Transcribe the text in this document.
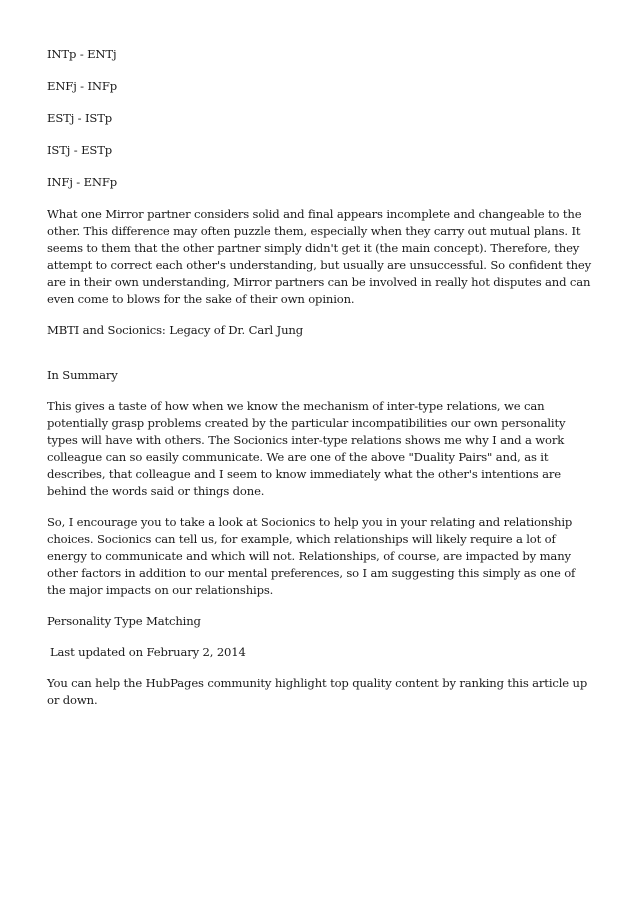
INTp - ENTj
ENFj - INFp
ESTj - ISTp
ISTj - ESTp
INFj - ENFp

What one Mirror partner considers solid and final appears incomplete and changeable to the other. This difference may often puzzle them, especially when they carry out mutual plans. It seems to them that the other partner simply didn't get it (the main concept). Therefore, they attempt to correct each other's understanding, but usually are unsuccessful. So confident they are in their own understanding, Mirror partners can be involved in really hot disputes and can even come to blows for the sake of their own opinion.

MBTI and Socionics: Legacy of Dr. Carl Jung

In Summary

This gives a taste of how when we know the mechanism of inter-type relations, we can potentially grasp problems created by the particular incompatibilities our own personality types will have with others. The Socionics inter-type relations shows me why I and a work colleague can so easily communicate. We are one of the above "Duality Pairs" and, as it describes, that colleague and I seem to know immediately what the other's intentions are behind the words said or things done.

So, I encourage you to take a look at Socionics to help you in your relating and relationship choices. Socionics can tell us, for example, which relationships will likely require a lot of energy to communicate and which will not. Relationships, of course, are impacted by many other factors in addition to our mental preferences, so I am suggesting this simply as one of the major impacts on our relationships.

Personality Type Matching

Last updated on February 2, 2014

You can help the HubPages community highlight top quality content by ranking this article up or down.
